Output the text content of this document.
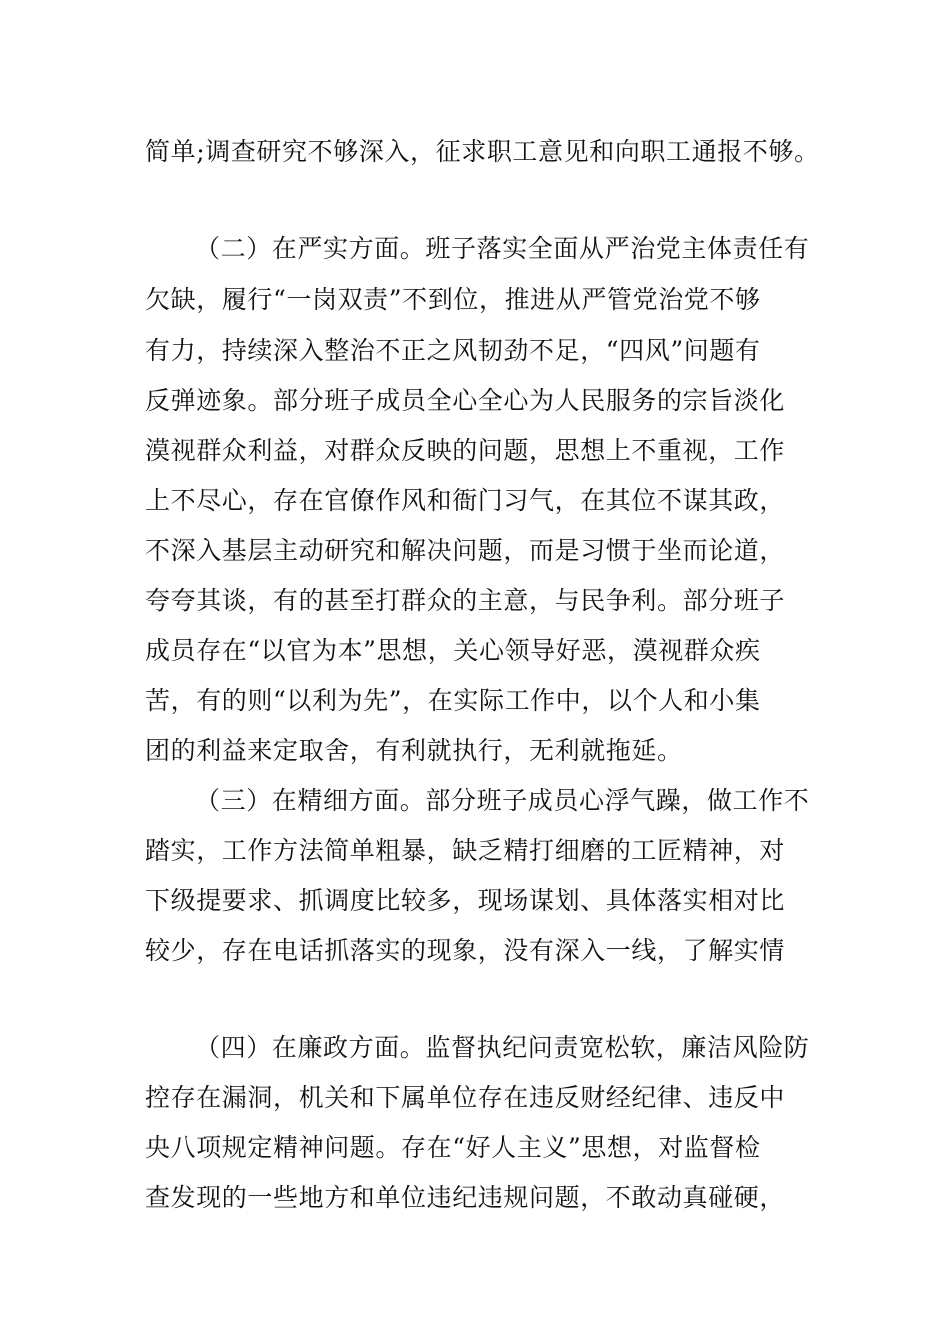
简单;调查研究不够深入，征求职工意见和向职工通报不够。
（二）在严实方面。班子落实全面从严治党主体责任有
欠缺，履行“一岗双责”不到位，推进从严管党治党不够
有力，持续深入整治不正之风韧劲不足，“四风”问题有
反弹迹象。部分班子成员全心全心为人民服务的宗旨淡化
漠视群众利益，对群众反映的问题，思想上不重视，工作
上不尽心，存在官僚作风和衙门习气，在其位不谋其政，
不深入基层主动研究和解决问题，而是习惯于坐而论道，
夸夸其谈，有的甚至打群众的主意，与民争利。部分班子
成员存在“以官为本”思想，关心领导好恶，漠视群众疾
苦，有的则“以利为先”，在实际工作中，以个人和小集
团的利益来定取舍，有利就执行，无利就拖延。
（三）在精细方面。部分班子成员心浮气躁，做工作不
踏实，工作方法简单粗暴，缺乏精打细磨的工匠精神，对
下级提要求、抓调度比较多，现场谋划、具体落实相对比
较少，存在电话抓落实的现象，没有深入一线，了解实情
（四）在廉政方面。监督执纪问责宽松软，廉洁风险防
控存在漏洞，机关和下属单位存在违反财经纪律、违反中
央八项规定精神问题。存在“好人主义”思想，对监督检
查发现的一些地方和单位违纪违规问题，不敢动真碰硬，
